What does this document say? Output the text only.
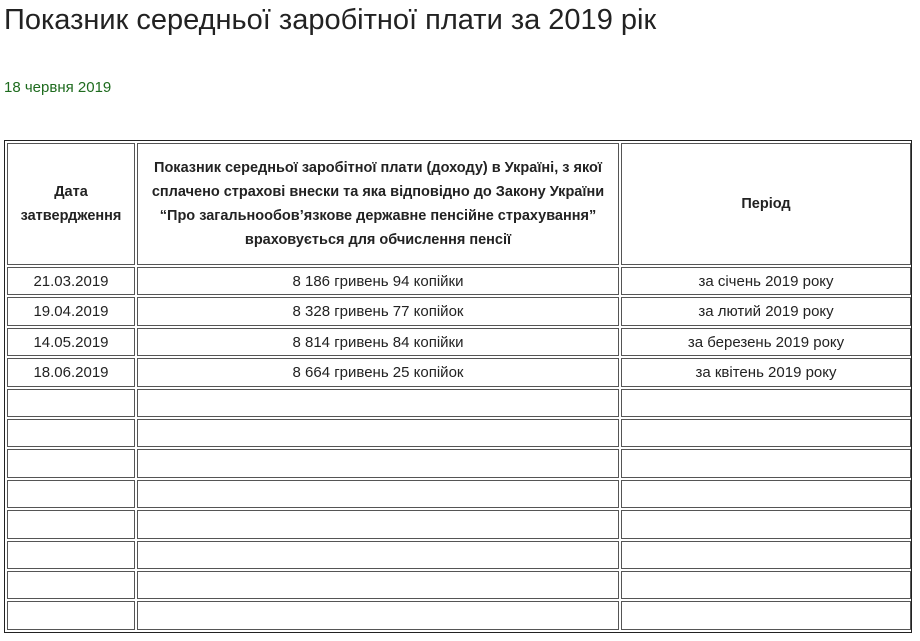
Показник середньої заробітної плати за 2019 рік
18 червня 2019
Дата затвердження	Показник середньої заробітної плати (доходу) в Україні, з якої сплачено страхові внески та яка відповідно до Закону України “Про загальнообов’язкове державне пенсійне страхування” враховується для обчислення пенсії	Період
21.03.2019	8 186 гривень 94 копійки	за січень 2019 року
19.04.2019	8 328 гривень 77 копійок	за лютий 2019 року
14.05.2019	8 814 гривень 84 копійки	за березень 2019 року
18.06.2019	8 664 гривень 25 копійок	за квітень 2019 року
